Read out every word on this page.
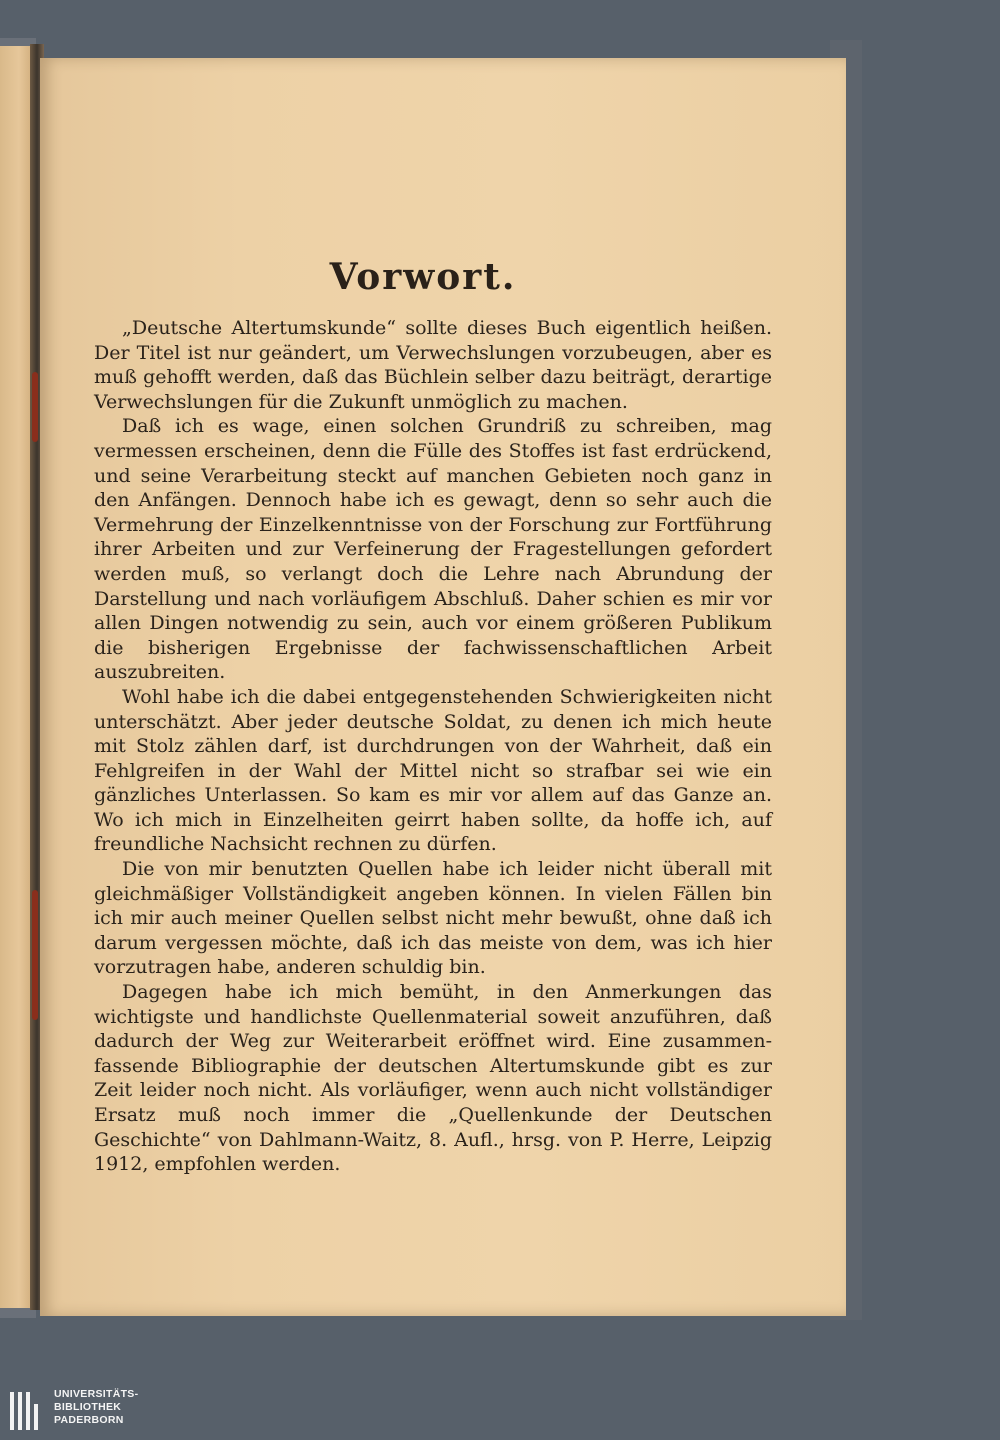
Vorwort.

„Deutsche Altertumskunde“ sollte dieses Buch eigentlich heißen. Der Titel ist nur geändert, um Verwechslungen vorzubeugen, aber es muß gehofft werden, daß das Büchlein selber dazu beiträgt, derartige Verwechslungen für die Zukunft unmöglich zu machen.

Daß ich es wage, einen solchen Grundriß zu schreiben, mag vermessen erscheinen, denn die Fülle des Stoffes ist fast erdrückend, und seine Verarbeitung steckt auf manchen Gebieten noch ganz in den Anfängen. Dennoch habe ich es gewagt, denn so sehr auch die Vermehrung der Einzelkenntnisse von der Forschung zur Fortführung ihrer Arbeiten und zur Verfeinerung der Fragestellungen gefordert werden muß, so verlangt doch die Lehre nach Abrundung der Darstellung und nach vorläufigem Abschluß. Daher schien es mir vor allen Dingen notwendig zu sein, auch vor einem größeren Publikum die bisherigen Ergebnisse der fachwissenschaftlichen Arbeit auszubreiten.

Wohl habe ich die dabei entgegenstehenden Schwierigkeiten nicht unterschätzt. Aber jeder deutsche Soldat, zu denen ich mich heute mit Stolz zählen darf, ist durchdrungen von der Wahrheit, daß ein Fehlgreifen in der Wahl der Mittel nicht so strafbar sei wie ein gänzliches Unterlassen. So kam es mir vor allem auf das Ganze an. Wo ich mich in Einzelheiten geirrt haben sollte, da hoffe ich, auf freundliche Nachsicht rechnen zu dürfen.

Die von mir benutzten Quellen habe ich leider nicht überall mit gleichmäßiger Vollständigkeit angeben können. In vielen Fällen bin ich mir auch meiner Quellen selbst nicht mehr bewußt, ohne daß ich darum vergessen möchte, daß ich das meiste von dem, was ich hier vorzutragen habe, anderen schuldig bin.

Dagegen habe ich mich bemüht, in den Anmerkungen das wichtigste und handlichste Quellenmaterial soweit anzuführen, daß dadurch der Weg zur Weiterarbeit eröffnet wird. Eine zusammenfassende Bibliographie der deutschen Altertumskunde gibt es zur Zeit leider noch nicht. Als vorläufiger, wenn auch nicht vollständiger Ersatz muß noch immer die „Quellenkunde der Deutschen Geschichte“ von Dahlmann-Waitz, 8. Aufl., hrsg. von P. Herre, Leipzig 1912, empfohlen werden.

UNIVERSITÄTS-
BIBLIOTHEK
PADERBORN
